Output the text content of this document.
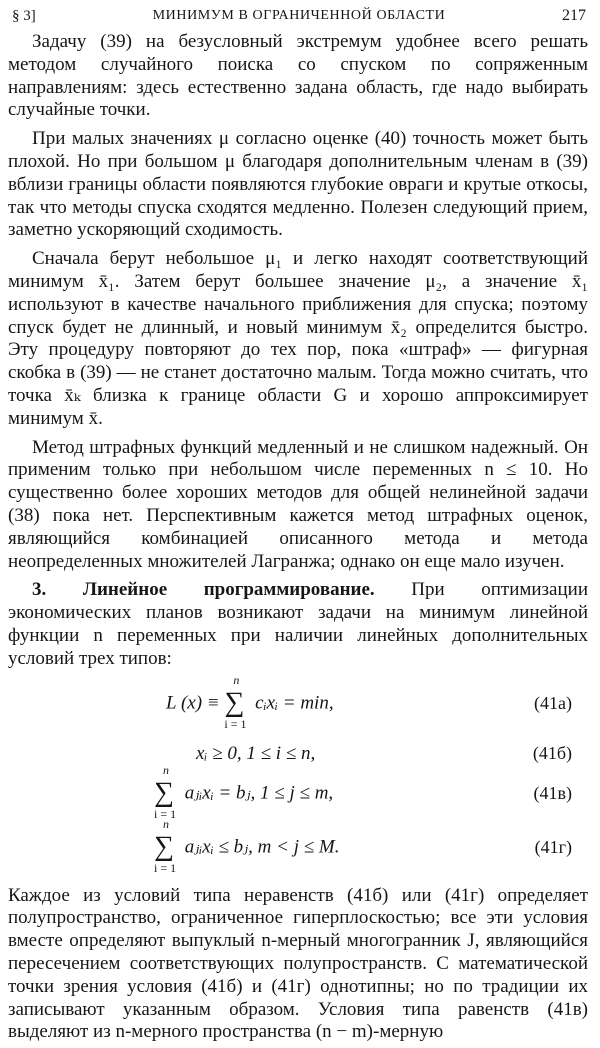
§ 3]	МИНИМУМ В ОГРАНИЧЕННОЙ ОБЛАСТИ	217

Задачу (39) на безусловный экстремум удобнее всего решать методом случайного поиска со спуском по сопряженным направлениям: здесь естественно задана область, где надо выбирать случайные точки.

При малых значениях μ согласно оценке (40) точность может быть плохой. Но при большом μ благодаря дополнительным членам в (39) вблизи границы области появляются глубокие овраги и крутые откосы, так что методы спуска сходятся медленно. Полезен следующий прием, заметно ускоряющий сходимость.

Сначала берут небольшое μ₁ и легко находят соответствующий минимум x̄₁. Затем берут большее значение μ₂, а значение x̄₁ используют в качестве начального приближения для спуска; поэтому спуск будет не длинный, и новый минимум x̄₂ определится быстро. Эту процедуру повторяют до тех пор, пока «штраф» — фигурная скобка в (39) — не станет достаточно малым. Тогда можно считать, что точка x̄ₖ близка к границе области G и хорошо аппроксимирует минимум x̄.

Метод штрафных функций медленный и не слишком надежный. Он применим только при небольшом числе переменных n ≤ 10. Но существенно более хороших методов для общей нелинейной задачи (38) пока нет. Перспективным кажется метод штрафных оценок, являющийся комбинацией описанного метода и метода неопределенных множителей Лагранжа; однако он еще мало изучен.

3. Линейное программирование. При оптимизации экономических планов возникают задачи на минимум линейной функции n переменных при наличии линейных дополнительных условий трех типов:

L (x) ≡ ∑
n
i = 1
cᵢxᵢ = min,	(41а)
xᵢ ≥ 0, 1 ≤ i ≤ n,	(41б)
∑
n
i = 1
aⱼᵢxᵢ = bⱼ, 1 ≤ j ≤ m,	(41в)
∑
n
i = 1
aⱼᵢxᵢ ≤ bⱼ, m < j ≤ M.	(41г)

Каждое из условий типа неравенств (41б) или (41г) определяет полупространство, ограниченное гиперплоскостью; все эти условия вместе определяют выпуклый n-мерный многогранник J, являющийся пересечением соответствующих полупространств. С математической точки зрения условия (41б) и (41г) однотипны; но по традиции их записывают указанным образом. Условия типа равенств (41в) выделяют из n-мерного пространства (n − m)-мерную
